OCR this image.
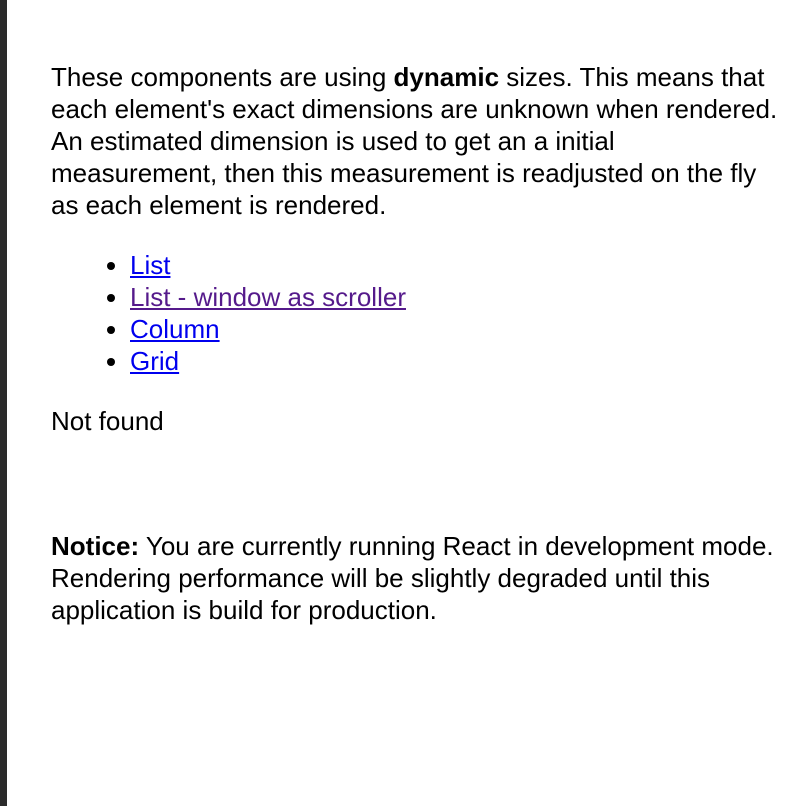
These components are using dynamic sizes. This means that each element's exact dimensions are unknown when rendered. An estimated dimension is used to get an a initial measurement, then this measurement is readjusted on the fly as each element is rendered.

• List
• List - window as scroller
• Column
• Grid

Not found

Notice: You are currently running React in development mode. Rendering performance will be slightly degraded until this application is build for production.
